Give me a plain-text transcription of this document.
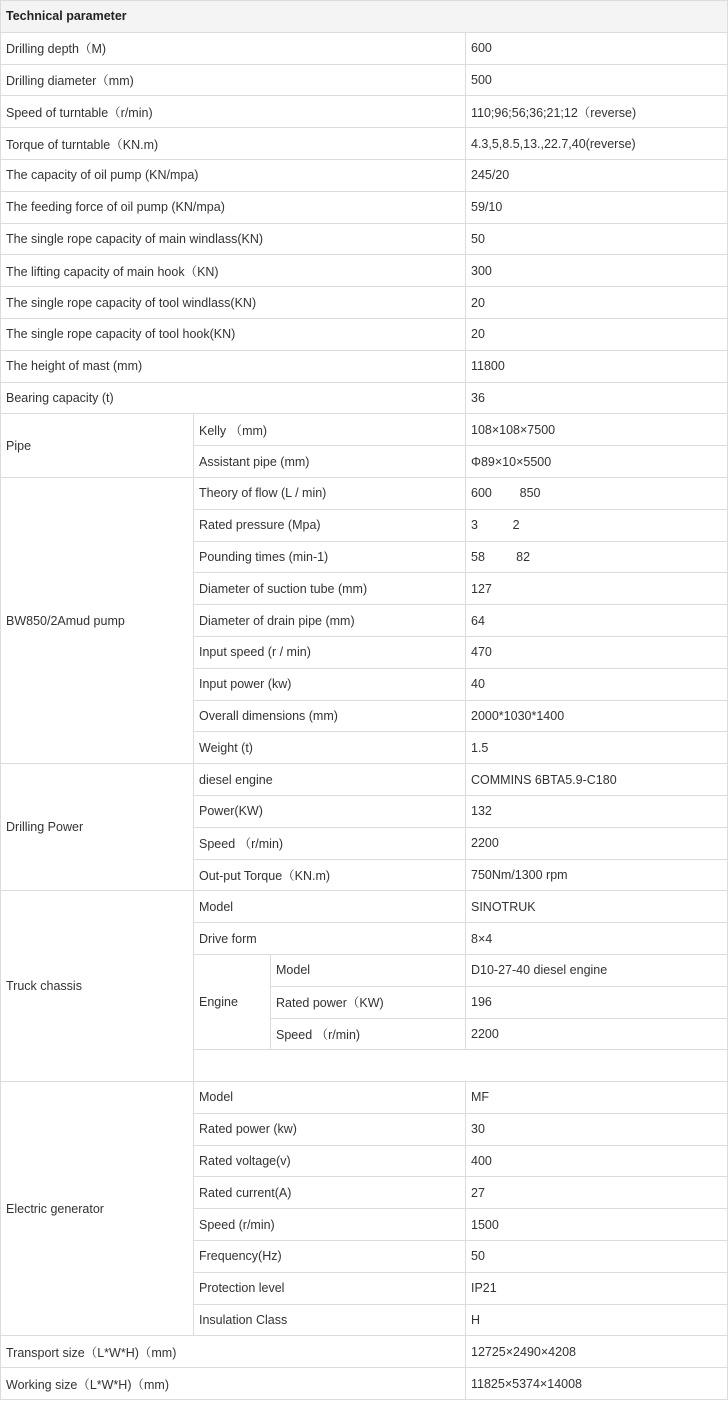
Technical parameter			
Drilling depth（M)			600
Drilling diameter（mm)			500
Speed of turntable（r/min)			110;96;56;36;21;12（reverse)
Torque of turntable（KN.m)			4.3,5,8.5,13.,22.7,40(reverse)
The capacity of oil pump (KN/mpa)			245/20
The feeding force of oil pump (KN/mpa)			59/10
The single rope capacity of main windlass(KN)			50
The lifting capacity of main hook（KN)			300
The single rope capacity of tool windlass(KN)			20
The single rope capacity of tool hook(KN)			20
The height of mast (mm)			11800
Bearing capacity (t)			36
Pipe	Kelly （mm)		108×108×7500
	Assistant pipe (mm)		Φ89×10×5500
BW850/2Amud pump	Theory of flow (L / min)		600        850
	Rated pressure (Mpa)		3          2
	Pounding times (min-1)		58         82
	Diameter of suction tube (mm)		127
	Diameter of drain pipe (mm)		64
	Input speed (r / min)		470
	Input power (kw)		40
	Overall dimensions (mm)		2000*1030*1400
	Weight (t)		1.5
Drilling Power	diesel engine		COMMINS 6BTA5.9-C180
	Power(KW)		132
	Speed （r/min)		2200
	Out-put Torque（KN.m)		750Nm/1300 rpm
Truck chassis	Model		SINOTRUK
	Drive form		8×4
	Engine	Model	D10-27-40 diesel engine
		Rated power（KW)	196
		Speed （r/min)	2200

Electric generator	Model		MF
	Rated power (kw)		30
	Rated voltage(v)		400
	Rated current(A)		27
	Speed (r/min)		1500
	Frequency(Hz)		50
	Protection level		IP21
	Insulation Class		H
Transport size（L*W*H)（mm)			12725×2490×4208
Working size（L*W*H)（mm)			11825×5374×14008
